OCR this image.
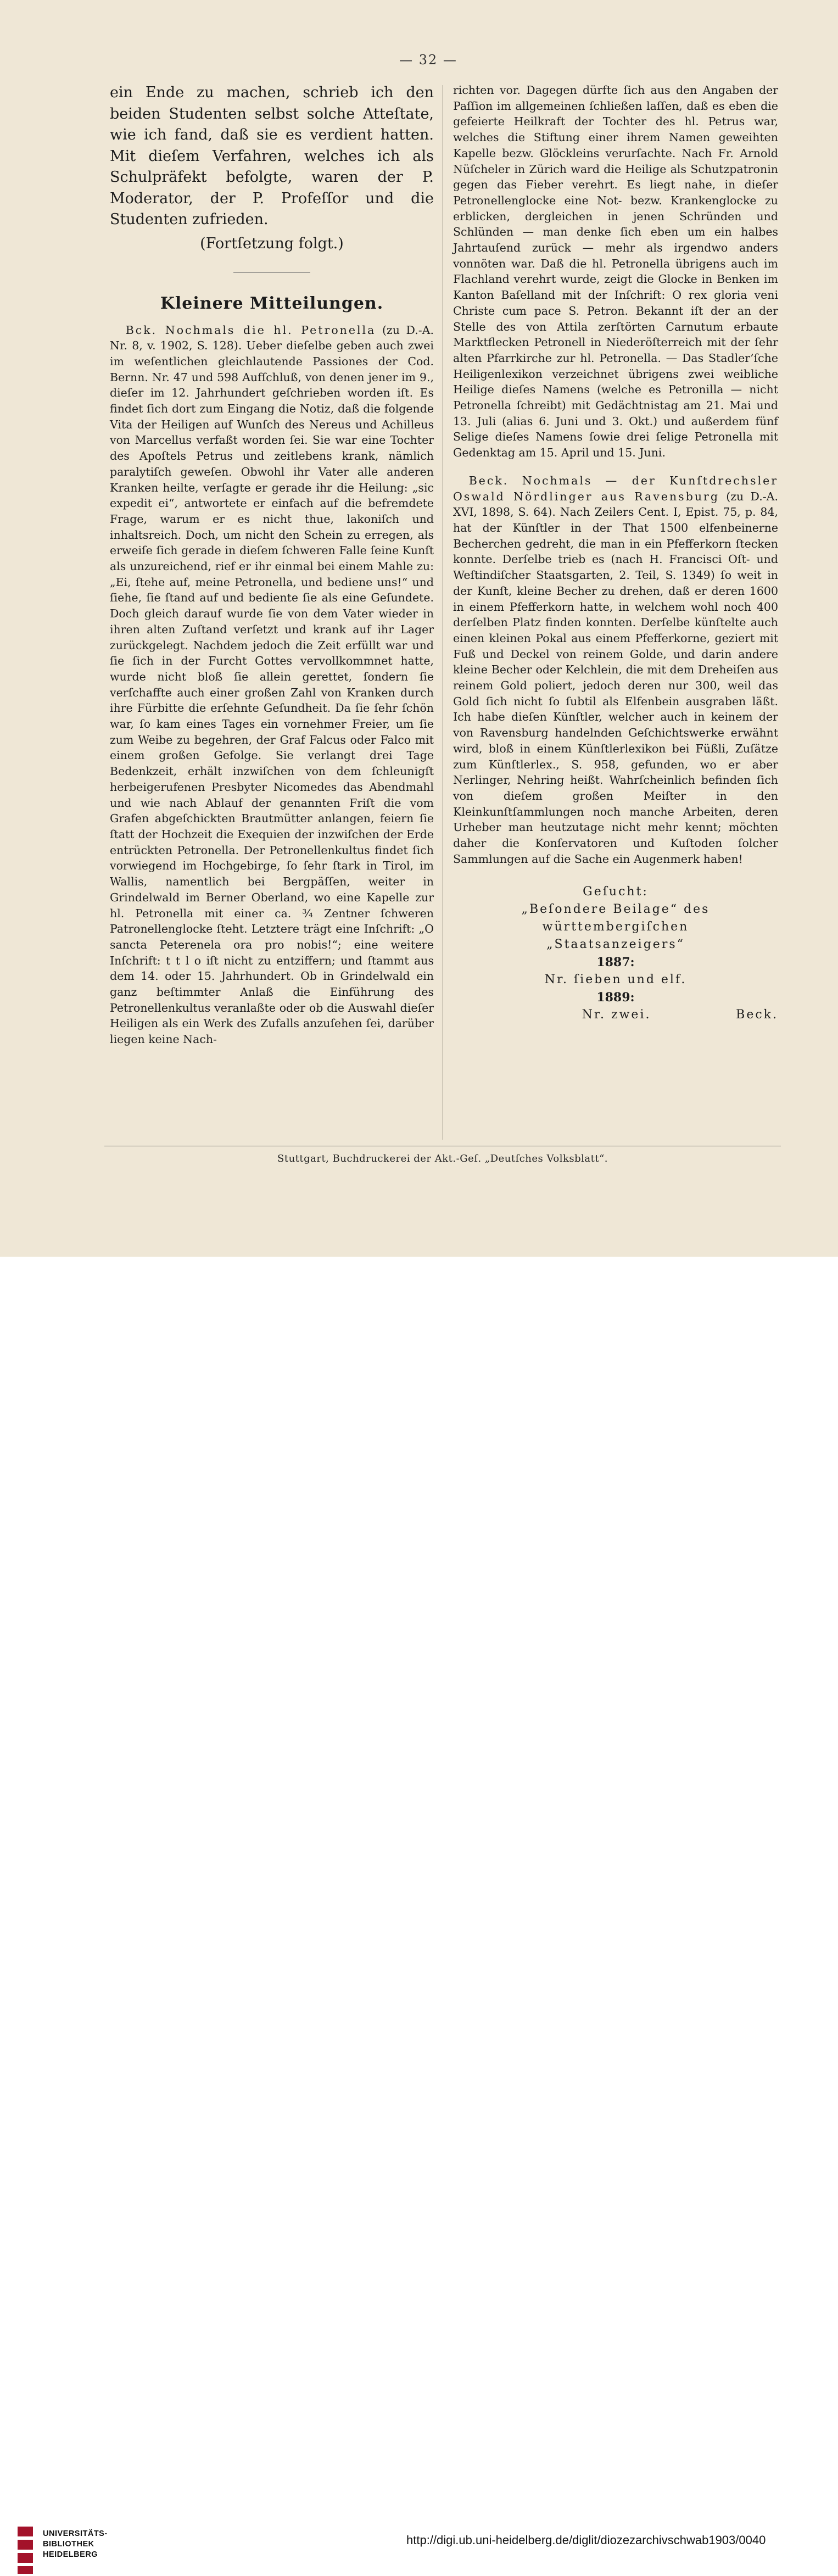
— 32 —

ein Ende zu machen, schrieb ich den beiden Studenten selbst solche Atteſtate, wie ich fand, daß sie es verdient hatten. Mit dieſem Verfahren, welches ich als Schulpräfekt befolgte, waren der P. Moderator, der P. Profeſſor und die Studenten zufrieden.

(Fortſetzung folgt.)

Kleinere Mitteilungen.

Bck. Nochmals die hl. Petronella (zu D.-A. Nr. 8, v. 1902, S. 128). Ueber dieſelbe geben auch zwei im weſentlichen gleichlautende Passiones der Cod. Bernn. Nr. 47 und 598 Aufſchluß, von denen jener im 9., dieſer im 12. Jahrhundert geſchrieben worden iſt. Es findet ſich dort zum Eingang die Notiz, daß die folgende Vita der Heiligen auf Wunſch des Nereus und Achilleus von Marcellus verfaßt worden ſei. Sie war eine Tochter des Apoſtels Petrus und zeitlebens krank, nämlich paralytiſch geweſen. Obwohl ihr Vater alle anderen Kranken heilte, verſagte er gerade ihr die Heilung: „sic expedit ei“, antwortete er einfach auf die befremdete Frage, warum er es nicht thue, lakoniſch und inhaltsreich. Doch, um nicht den Schein zu erregen, als erweiſe ſich gerade in dieſem ſchweren Falle ſeine Kunſt als unzureichend, rief er ihr einmal bei einem Mahle zu: „Ei, ſtehe auf, meine Petronella, und bediene uns!“ und ſiehe, ſie ſtand auf und bediente ſie als eine Geſundete. Doch gleich darauf wurde ſie von dem Vater wieder in ihren alten Zuſtand verſetzt und krank auf ihr Lager zurückgelegt. Nachdem jedoch die Zeit erfüllt war und ſie ſich in der Furcht Gottes vervollkommnet hatte, wurde nicht bloß ſie allein gerettet, ſondern ſie verſchaffte auch einer großen Zahl von Kranken durch ihre Fürbitte die erſehnte Geſundheit. Da ſie ſehr ſchön war, ſo kam eines Tages ein vornehmer Freier, um ſie zum Weibe zu begehren, der Graf Falcus oder Falco mit einem großen Gefolge. Sie verlangt drei Tage Bedenkzeit, erhält inzwiſchen von dem ſchleunigſt herbeigerufenen Presbyter Nicomedes das Abendmahl und wie nach Ablauf der genannten Friſt die vom Grafen abgeſchickten Brautmütter anlangen, feiern ſie ſtatt der Hochzeit die Exequien der inzwiſchen der Erde entrückten Petronella. Der Petronellenkultus findet ſich vorwiegend im Hochgebirge, ſo ſehr ſtark in Tirol, im Wallis, namentlich bei Bergpäſſen, weiter in Grindelwald im Berner Oberland, wo eine Kapelle zur hl. Petronella mit einer ca. ¾ Zentner ſchweren Patronellenglocke ſteht. Letztere trägt eine Inſchrift: „O sancta Peterenela ora pro nobis!“; eine weitere Inſchrift: t t l o iſt nicht zu entziffern; und ſtammt aus dem 14. oder 15. Jahrhundert. Ob in Grindelwald ein ganz beſtimmter Anlaß die Einführung des Petronellenkultus veranlaßte oder ob die Auswahl dieſer Heiligen als ein Werk des Zufalls anzuſehen ſei, darüber liegen keine Nach-

richten vor. Dagegen dürfte ſich aus den Angaben der Paſſion im allgemeinen ſchließen laſſen, daß es eben die gefeierte Heilkraft der Tochter des hl. Petrus war, welches die Stiftung einer ihrem Namen geweihten Kapelle bezw. Glöckleins verurſachte. Nach Fr. Arnold Nüſcheler in Zürich ward die Heilige als Schutzpatronin gegen das Fieber verehrt. Es liegt nahe, in dieſer Petronellenglocke eine Not- bezw. Krankenglocke zu erblicken, dergleichen in jenen Schründen und Schlünden — man denke ſich eben um ein halbes Jahrtauſend zurück — mehr als irgendwo anders vonnöten war. Daß die hl. Petronella übrigens auch im Flachland verehrt wurde, zeigt die Glocke in Benken im Kanton Baſelland mit der Inſchrift: O rex gloria veni Christe cum pace S. Petron. Bekannt iſt der an der Stelle des von Attila zerſtörten Carnutum erbaute Marktflecken Petronell in Niederöſterreich mit der ſehr alten Pfarrkirche zur hl. Petronella. — Das Stadler’ſche Heiligenlexikon verzeichnet übrigens zwei weibliche Heilige dieſes Namens (welche es Petronilla — nicht Petronella ſchreibt) mit Gedächtnistag am 21. Mai und 13. Juli (alias 6. Juni und 3. Okt.) und außerdem fünf Selige dieſes Namens ſowie drei ſelige Petronella mit Gedenktag am 15. April und 15. Juni.

Beck. Nochmals — der Kunſtdrechsler Oswald Nördlinger aus Ravensburg (zu D.-A. XVI, 1898, S. 64). Nach Zeilers Cent. I, Epist. 75, p. 84, hat der Künſtler in der That 1500 elfenbeinerne Becherchen gedreht, die man in ein Pfefferkorn ſtecken konnte. Derſelbe trieb es (nach H. Francisci Oſt- und Weſtindiſcher Staatsgarten, 2. Teil, S. 1349) ſo weit in der Kunſt, kleine Becher zu drehen, daß er deren 1600 in einem Pfefferkorn hatte, in welchem wohl noch 400 derſelben Platz finden konnten. Derſelbe künſtelte auch einen kleinen Pokal aus einem Pfefferkorne, geziert mit Fuß und Deckel von reinem Golde, und darin andere kleine Becher oder Kelchlein, die mit dem Dreheiſen aus reinem Gold poliert, jedoch deren nur 300, weil das Gold ſich nicht ſo ſubtil als Elfenbein ausgraben läßt. Ich habe dieſen Künſtler, welcher auch in keinem der von Ravensburg handelnden Geſchichtswerke erwähnt wird, bloß in einem Künſtlerlexikon bei Füßli, Zuſätze zum Künſtlerlex., S. 958, gefunden, wo er aber Nerlinger, Nehring heißt. Wahrſcheinlich befinden ſich von dieſem großen Meiſter in den Kleinkunſtſammlungen noch manche Arbeiten, deren Urheber man heutzutage nicht mehr kennt; möchten daher die Konſervatoren und Kuſtoden ſolcher Sammlungen auf die Sache ein Augenmerk haben!

Geſucht:
„Beſondere Beilage“ des württembergiſchen
„Staatsanzeigers“
1887:
Nr. ſieben und elf.
1889:
Nr. zwei.	Beck.
Stuttgart, Buchdruckerei der Akt.-Geſ. „Deutſches Volksblatt“.
UNIVERSITÄTS-
BIBLIOTHEK
HEIDELBERG
http://digi.ub.uni-heidelberg.de/diglit/diozezarchivschwab1903/0040
